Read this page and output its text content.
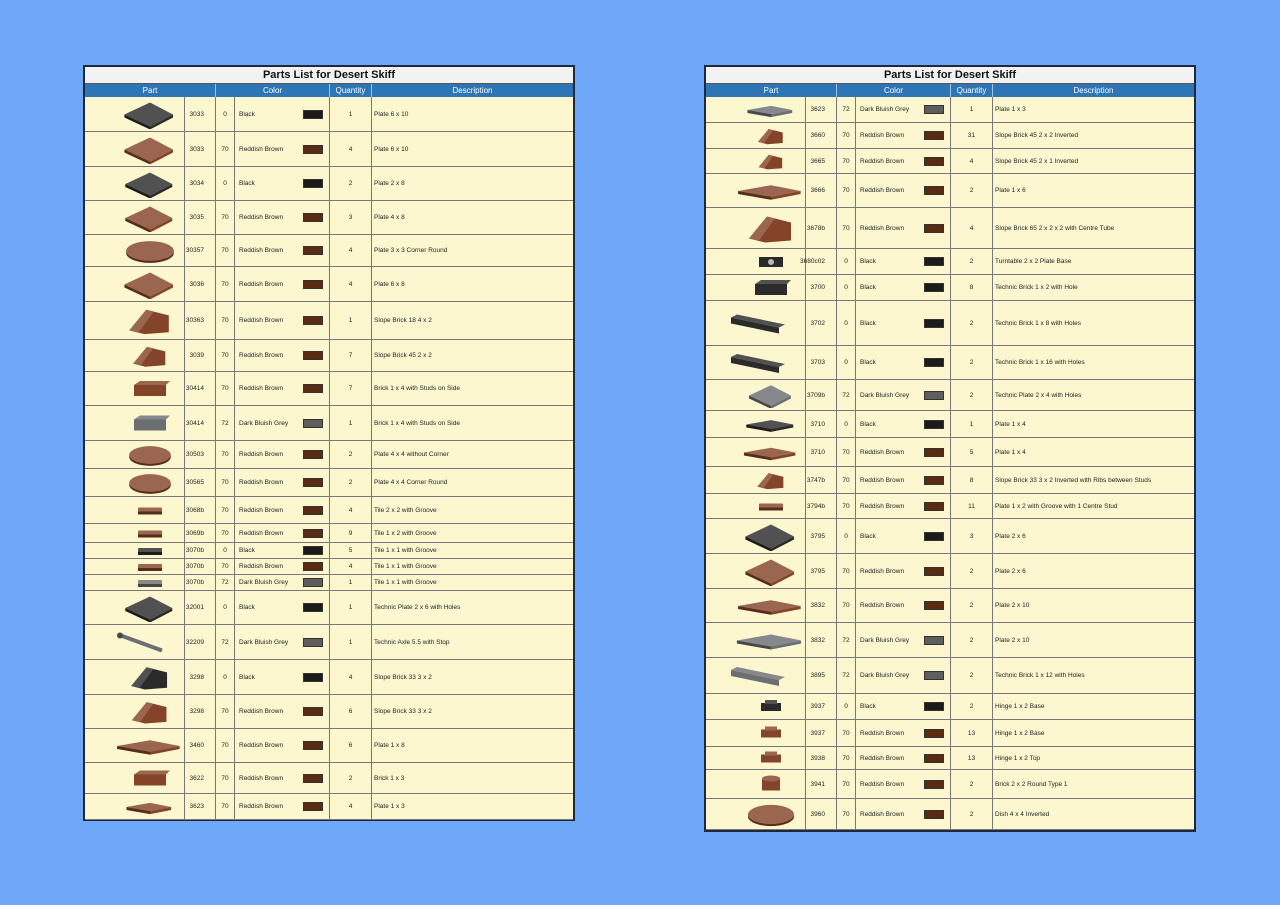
Parts List for Desert Skiff
Part	Color	Quantity	Description
3033	0	Black	1	Plate 6 x 10
3033	70	Reddish Brown	4	Plate 6 x 10
3034	0	Black	2	Plate 2 x 8
3035	70	Reddish Brown	3	Plate 4 x 8
30357	70	Reddish Brown	4	Plate 3 x 3 Corner Round
3036	70	Reddish Brown	4	Plate 6 x 8
30363	70	Reddish Brown	1	Slope Brick 18 4 x 2
3039	70	Reddish Brown	7	Slope Brick 45 2 x 2
30414	70	Reddish Brown	7	Brick 1 x 4 with Studs on Side
30414	72	Dark Bluish Grey	1	Brick 1 x 4 with Studs on Side
30503	70	Reddish Brown	2	Plate 4 x 4 without Corner
30565	70	Reddish Brown	2	Plate 4 x 4 Corner Round
3068b	70	Reddish Brown	4	Tile 2 x 2 with Groove
3069b	70	Reddish Brown	9	Tile 1 x 2 with Groove
3070b	0	Black	5	Tile 1 x 1 with Groove
3070b	70	Reddish Brown	4	Tile 1 x 1 with Groove
3070b	72	Dark Bluish Grey	1	Tile 1 x 1 with Groove
32001	0	Black	1	Technic Plate 2 x 6 with Holes
32209	72	Dark Bluish Grey	1	Technic Axle 5.5 with Stop
3298	0	Black	4	Slope Brick 33 3 x 2
3298	70	Reddish Brown	6	Slope Brick 33 3 x 2
3460	70	Reddish Brown	6	Plate 1 x 8
3622	70	Reddish Brown	2	Brick 1 x 3
3623	70	Reddish Brown	4	Plate 1 x 3
Parts List for Desert Skiff
Part	Color	Quantity	Description
3623	72	Dark Bluish Grey	1	Plate 1 x 3
3660	70	Reddish Brown	31	Slope Brick 45 2 x 2 Inverted
3665	70	Reddish Brown	4	Slope Brick 45 2 x 1 Inverted
3666	70	Reddish Brown	2	Plate 1 x 6
3678b	70	Reddish Brown	4	Slope Brick 65 2 x 2 x 2 with Centre Tube
3680c02	0	Black	2	Turntable 2 x 2 Plate Base
3700	0	Black	8	Technic Brick 1 x 2 with Hole
3702	0	Black	2	Technic Brick 1 x 8 with Holes
3703	0	Black	2	Technic Brick 1 x 16 with Holes
3709b	72	Dark Bluish Grey	2	Technic Plate 2 x 4 with Holes
3710	0	Black	1	Plate 1 x 4
3710	70	Reddish Brown	5	Plate 1 x 4
3747b	70	Reddish Brown	8	Slope Brick 33 3 x 2 Inverted with Ribs between Studs
3794b	70	Reddish Brown	11	Plate 1 x 2 with Groove with 1 Centre Stud
3795	0	Black	3	Plate 2 x 6
3795	70	Reddish Brown	2	Plate 2 x 6
3832	70	Reddish Brown	2	Plate 2 x 10
3832	72	Dark Bluish Grey	2	Plate 2 x 10
3895	72	Dark Bluish Grey	2	Technic Brick 1 x 12 with Holes
3937	0	Black	2	Hinge 1 x 2 Base
3937	70	Reddish Brown	13	Hinge 1 x 2 Base
3938	70	Reddish Brown	13	Hinge 1 x 2 Top
3941	70	Reddish Brown	2	Brick 2 x 2 Round Type 1
3960	70	Reddish Brown	2	Dish 4 x 4 Inverted
